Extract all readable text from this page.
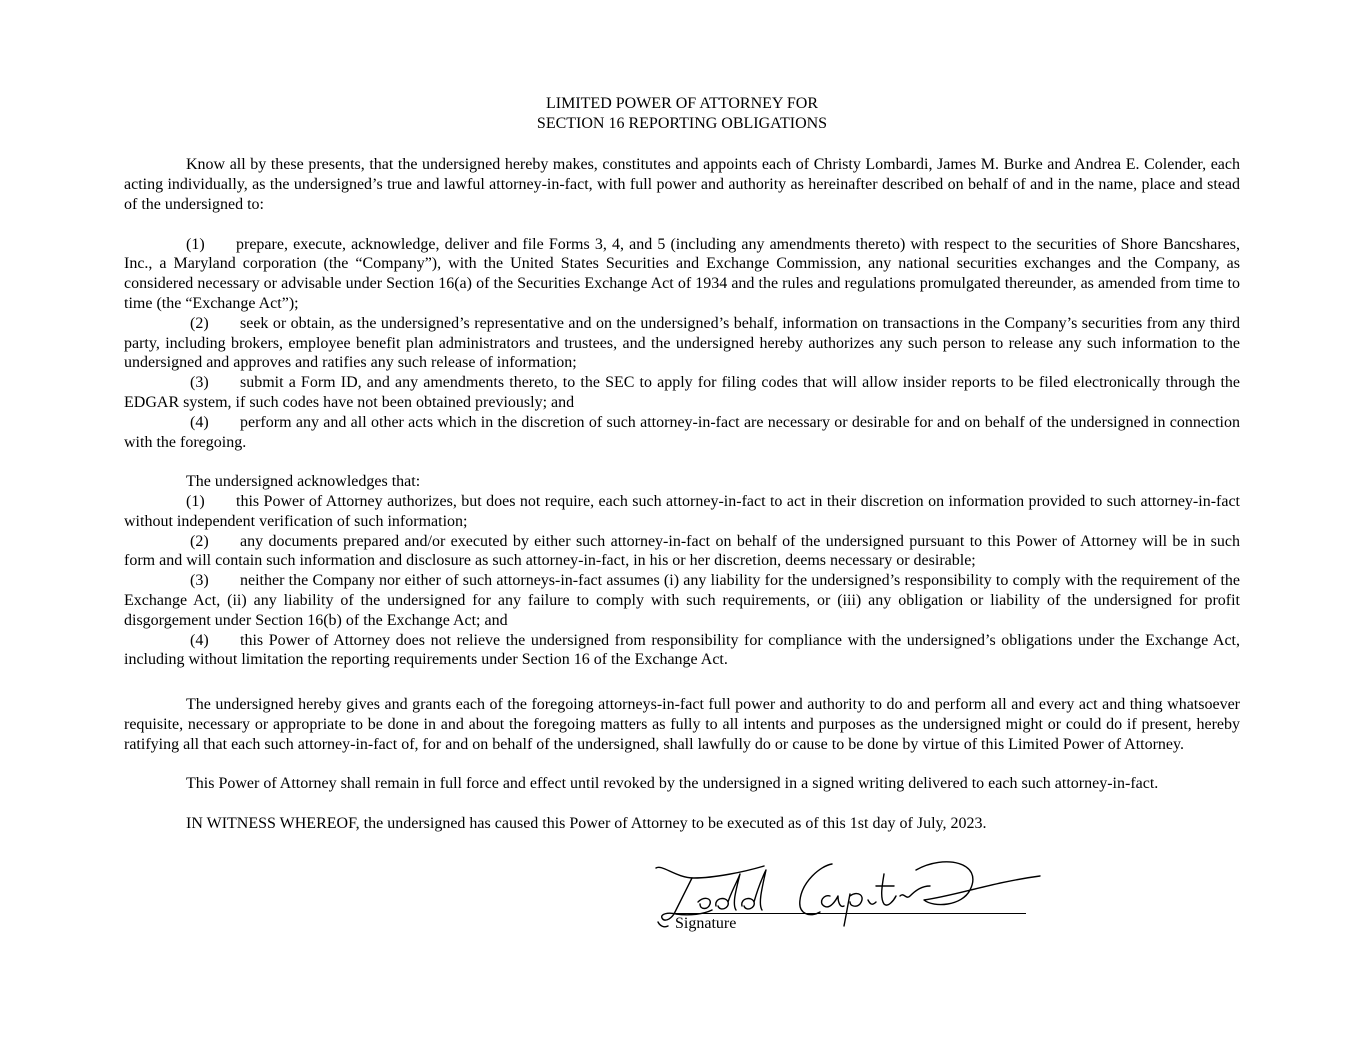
LIMITED POWER OF ATTORNEY FOR

SECTION 16 REPORTING OBLIGATIONS

Know all by these presents, that the undersigned hereby makes, constitutes and appoints each of Christy Lombardi, James M. Burke and Andrea E. Colender, each acting individually, as the undersigned’s true and lawful attorney-in-fact, with full power and authority as hereinafter described on behalf of and in the name, place and stead of the undersigned to:

(1) prepare, execute, acknowledge, deliver and file Forms 3, 4, and 5 (including any amendments thereto) with respect to the securities of Shore Bancshares, Inc., a Maryland corporation (the “Company”), with the United States Securities and Exchange Commission, any national securities exchanges and the Company, as considered necessary or advisable under Section 16(a) of the Securities Exchange Act of 1934 and the rules and regulations promulgated thereunder, as amended from time to time (the “Exchange Act”);

(2) seek or obtain, as the undersigned’s representative and on the undersigned’s behalf, information on transactions in the Company’s securities from any third party, including brokers, employee benefit plan administrators and trustees, and the undersigned hereby authorizes any such person to release any such information to the undersigned and approves and ratifies any such release of information;

(3) submit a Form ID, and any amendments thereto, to the SEC to apply for filing codes that will allow insider reports to be filed electronically through the EDGAR system, if such codes have not been obtained previously; and

(4) perform any and all other acts which in the discretion of such attorney-in-fact are necessary or desirable for and on behalf of the undersigned in connection with the foregoing.

The undersigned acknowledges that:

(1) this Power of Attorney authorizes, but does not require, each such attorney-in-fact to act in their discretion on information provided to such attorney-in-fact without independent verification of such information;

(2) any documents prepared and/or executed by either such attorney-in-fact on behalf of the undersigned pursuant to this Power of Attorney will be in such form and will contain such information and disclosure as such attorney-in-fact, in his or her discretion, deems necessary or desirable;

(3) neither the Company nor either of such attorneys-in-fact assumes (i) any liability for the undersigned’s responsibility to comply with the requirement of the Exchange Act, (ii) any liability of the undersigned for any failure to comply with such requirements, or (iii) any obligation or liability of the undersigned for profit disgorgement under Section 16(b) of the Exchange Act; and

(4) this Power of Attorney does not relieve the undersigned from responsibility for compliance with the undersigned’s obligations under the Exchange Act, including without limitation the reporting requirements under Section 16 of the Exchange Act.

The undersigned hereby gives and grants each of the foregoing attorneys-in-fact full power and authority to do and perform all and every act and thing whatsoever requisite, necessary or appropriate to be done in and about the foregoing matters as fully to all intents and purposes as the undersigned might or could do if present, hereby ratifying all that each such attorney-in-fact of, for and on behalf of the undersigned, shall lawfully do or cause to be done by virtue of this Limited Power of Attorney.

This Power of Attorney shall remain in full force and effect until revoked by the undersigned in a signed writing delivered to each such attorney-in-fact.

IN WITNESS WHEREOF, the undersigned has caused this Power of Attorney to be executed as of this 1st day of July, 2023.

Signature
